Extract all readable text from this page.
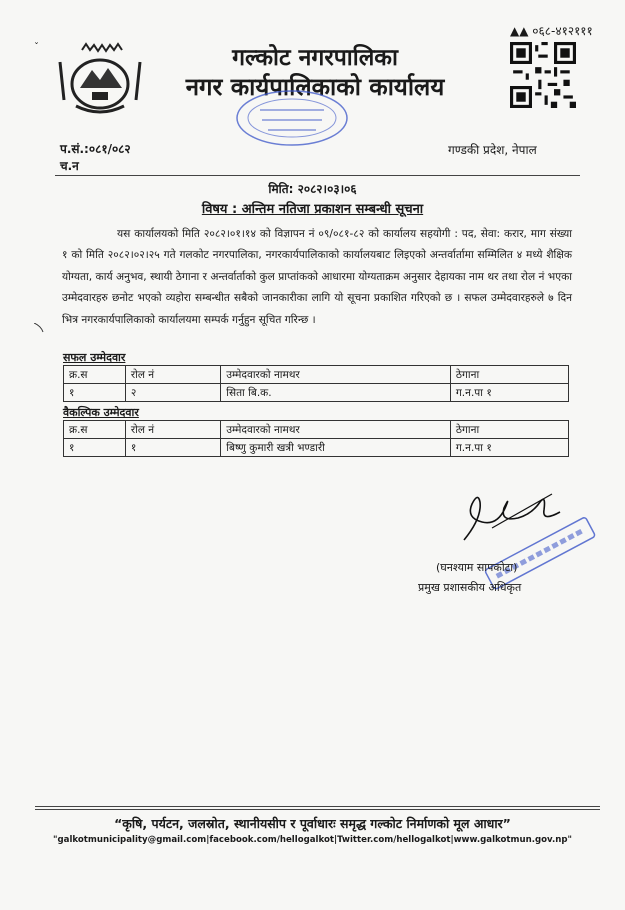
ˇ	गल्कोट नगरपालिका
नगर कार्यपालिकाको कार्यालय
▲▲ ०६८-४१२१११
प.सं.:०८१/०८२
च.न
गण्डकी प्रदेश, नेपाल
मिति: २०८२।०३।०६
विषय : अन्तिम नतिजा प्रकाशन सम्बन्धी सूचना
यस कार्यालयको मिति २०८२।०१।१४ को विज्ञापन नं ०९/०८१-८२ को कार्यालय सहयोगी : पद, सेवा: करार, माग संख्या १ को मिति २०८२।०२।२५ गते गलकोट नगरपालिका, नगरकार्यपालिकाको कार्यालयबाट लिइएको अन्तर्वार्तामा सम्मिलित ४ मध्ये शैक्षिक योग्यता, कार्य अनुभव, स्थायी ठेगाना र अन्तर्वार्ताको कुल प्राप्तांकको आधारमा योग्यताक्रम अनुसार देहायका नाम थर तथा रोल नं भएका उम्मेदवारहरु छनोट भएको व्यहोरा सम्बन्धीत सबैको जानकारीका लागि यो सूचना प्रकाशित गरिएको छ । सफल उम्मेदवारहरुले ७ दिन भित्र नगरकार्यपालिकाको कार्यालयमा सम्पर्क गर्नुहुन सूचित गरिन्छ ।
सफल उम्मेदवार
क्र.स	रोल नं	उम्मेदवारको नामथर	ठेगाना
१	२	सिता बि.क.	ग.न.पा १
वैकल्पिक उम्मेदवार
क्र.स	रोल नं	उम्मेदवारको नामथर	ठेगाना
१	१	बिष्णु कुमारी खत्री भण्डारी	ग.न.पा १
(घनश्याम सापकोटा)
प्रमुख प्रशासकीय अधिकृत
“कृषि, पर्यटन, जलस्रोत, स्थानीयसीप र पूर्वाधारः समृद्ध गल्कोट निर्माणको मूल आधार”
"galkotmunicipality@gmail.com|facebook.com/hellogalkot|Twitter.com/hellogalkot|www.galkotmun.gov.np"
